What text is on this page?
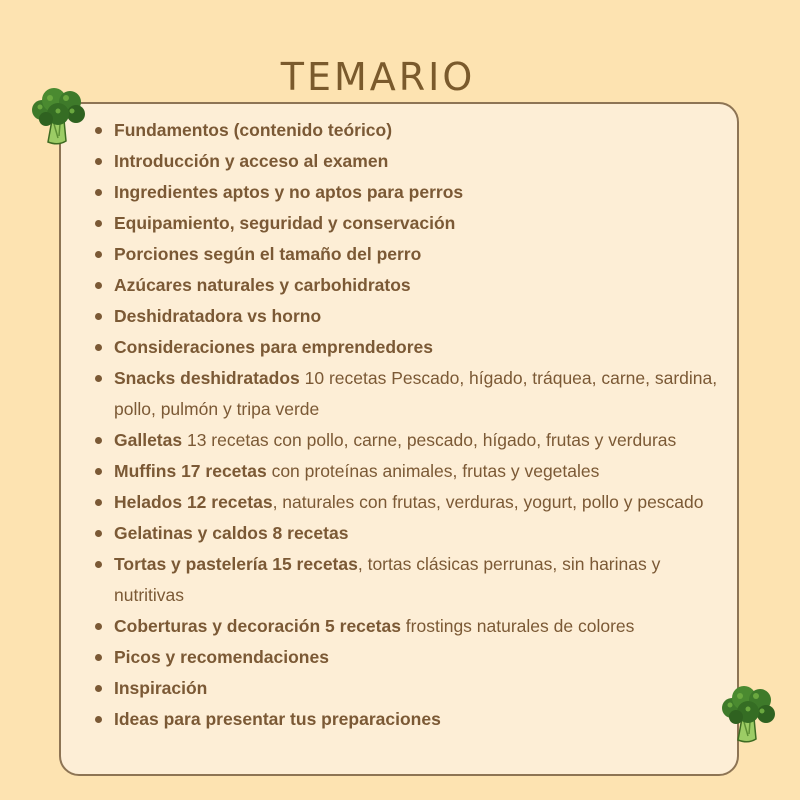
TEMARIO
Fundamentos (contenido teórico)
Introducción y acceso al examen
Ingredientes aptos y no aptos para perros
Equipamiento, seguridad y conservación
Porciones según el tamaño del perro
Azúcares naturales y carbohidratos
Deshidratadora vs horno
Consideraciones para emprendedores
Snacks deshidratados 10 recetas Pescado, hígado, tráquea, carne, sardina, pollo, pulmón y tripa verde
Galletas 13 recetas con pollo, carne, pescado, hígado, frutas y verduras
Muffins 17 recetas con proteínas animales, frutas y vegetales
Helados 12 recetas, naturales con frutas, verduras, yogurt, pollo y pescado
Gelatinas y caldos 8 recetas
Tortas y pastelería 15 recetas, tortas clásicas perrunas, sin harinas y nutritivas
Coberturas y decoración 5 recetas frostings naturales de colores
Picos y recomendaciones
Inspiración
Ideas para presentar tus preparaciones
